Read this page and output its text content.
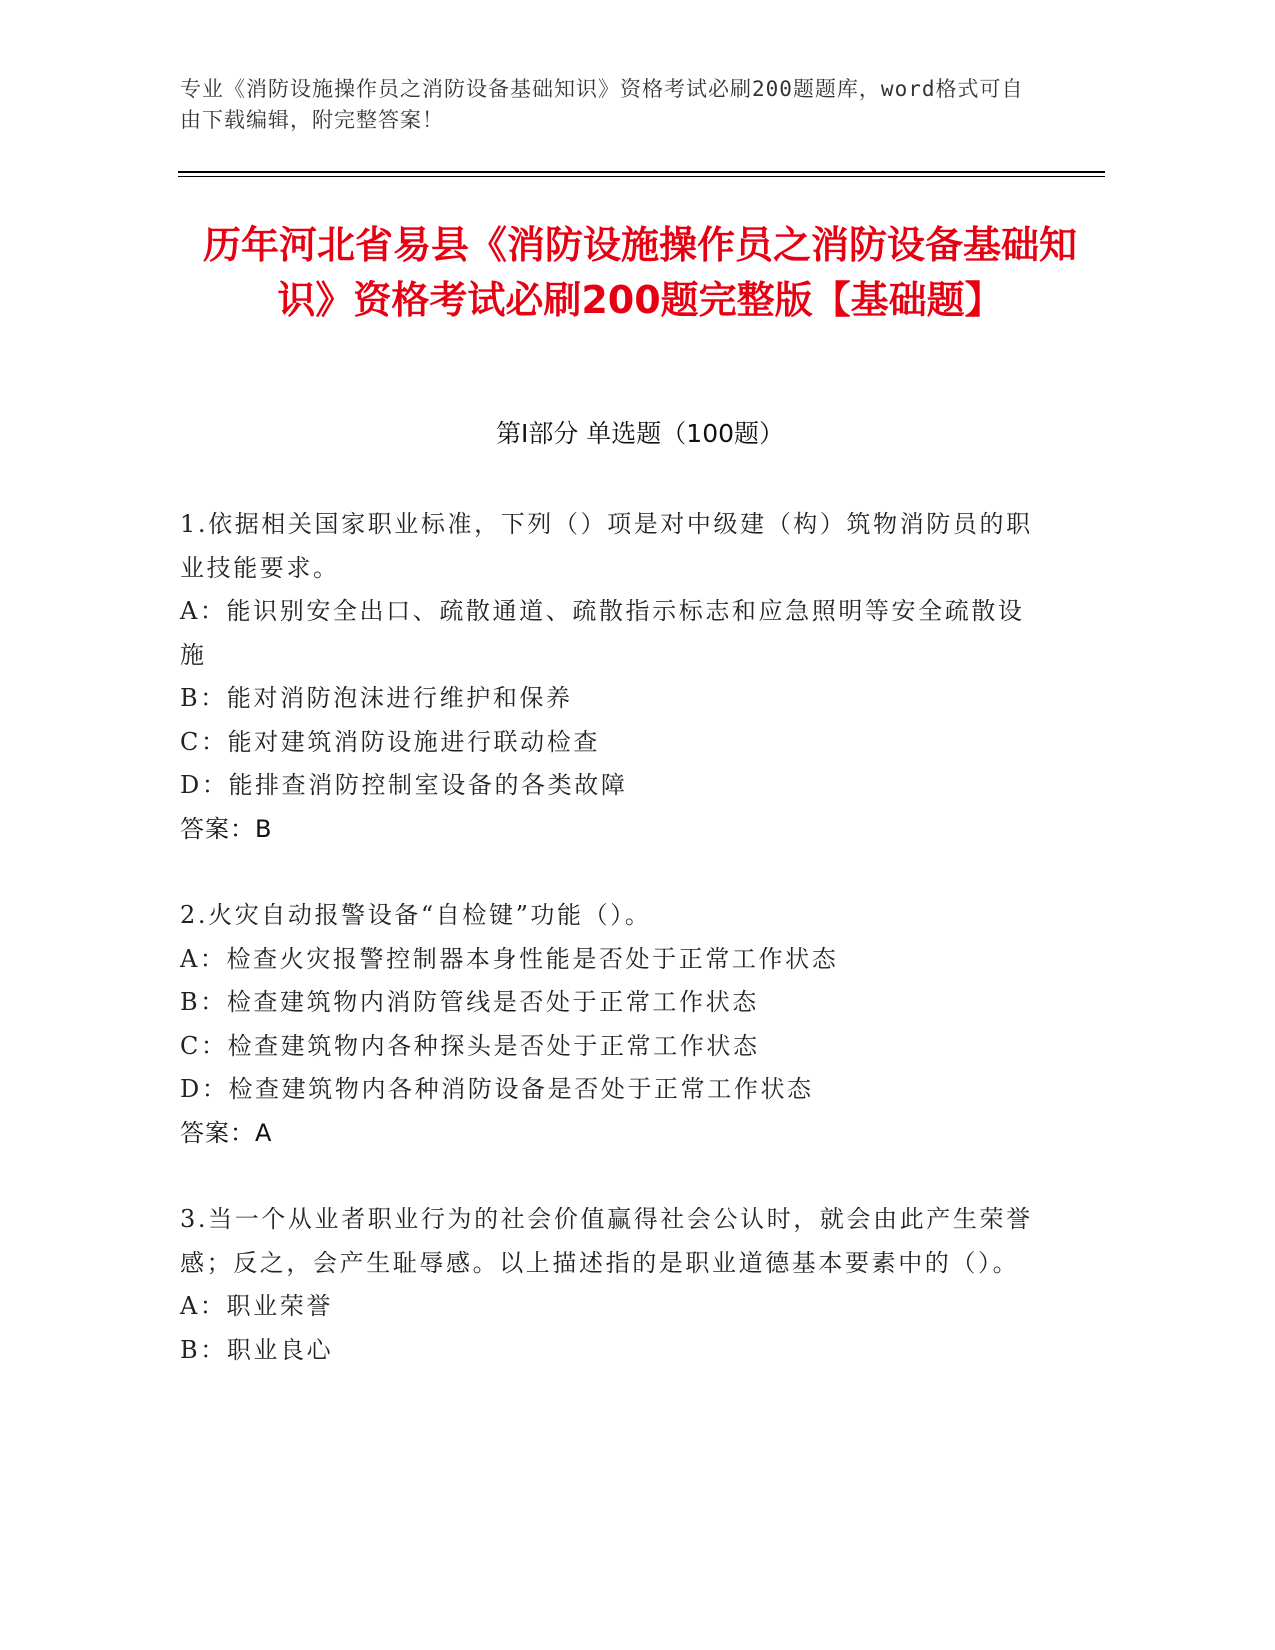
专业《消防设施操作员之消防设备基础知识》资格考试必刷200题题库，word格式可自由下载编辑，附完整答案！
历年河北省易县《消防设施操作员之消防设备基础知识》资格考试必刷200题完整版【基础题】
第Ⅰ部分 单选题（100题）

1.依据相关国家职业标准，下列（）项是对中级建（构）筑物消防员的职业技能要求。

A：能识别安全出口、疏散通道、疏散指示标志和应急照明等安全疏散设施

B：能对消防泡沫进行维护和保养

C：能对建筑消防设施进行联动检查

D：能排查消防控制室设备的各类故障

答案：B

2.火灾自动报警设备“自检键”功能（）。

A：检查火灾报警控制器本身性能是否处于正常工作状态

B：检查建筑物内消防管线是否处于正常工作状态

C：检查建筑物内各种探头是否处于正常工作状态

D：检查建筑物内各种消防设备是否处于正常工作状态

答案：A

3.当一个从业者职业行为的社会价值赢得社会公认时，就会由此产生荣誉感；反之，会产生耻辱感。以上描述指的是职业道德基本要素中的（）。

A：职业荣誉

B：职业良心
